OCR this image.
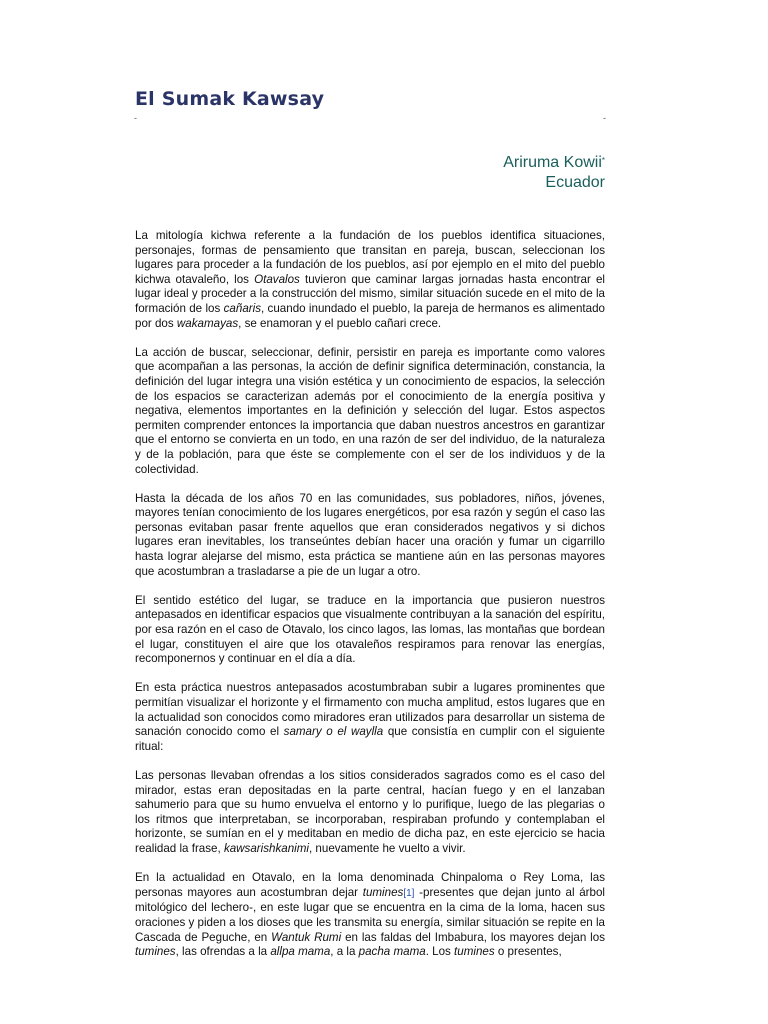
El Sumak Kawsay
-	-
Ariruma Kowii*
Ecuador

La mitología kichwa referente a la fundación de los pueblos identifica situaciones, personajes, formas de pensamiento que transitan en pareja, buscan, seleccionan los lugares para proceder a la fundación de los pueblos, así por ejemplo en el mito del pueblo kichwa otavaleño, los Otavalos tuvieron que caminar largas jornadas hasta encontrar el lugar ideal y proceder a la construcción del mismo, similar situación sucede en el mito de la formación de los cañaris, cuando inundado el pueblo, la pareja de hermanos es alimentado por dos wakamayas, se enamoran y el pueblo cañari crece.

La acción de buscar, seleccionar, definir, persistir en pareja es importante como valores que acompañan a las personas, la acción de definir significa determinación, constancia, la definición del lugar integra una visión estética y un conocimiento de espacios, la selección de los espacios se caracterizan además por el conocimiento de la energía positiva y negativa, elementos importantes en la definición y selección del lugar. Estos aspectos permiten comprender entonces la importancia que daban nuestros ancestros en garantizar que el entorno se convierta en un todo, en una razón de ser del individuo, de la naturaleza y de la población, para que éste se complemente con el ser de los individuos y de la colectividad.

Hasta la década de los años 70 en las comunidades, sus pobladores, niños, jóvenes, mayores tenían conocimiento de los lugares energéticos, por esa razón y según el caso las personas evitaban pasar frente aquellos que eran considerados negativos y si dichos lugares eran inevitables, los transeúntes debían hacer una oración y fumar un cigarrillo hasta lograr alejarse del mismo, esta práctica se mantiene aún en las personas mayores que acostumbran a trasladarse a pie de un lugar a otro.

El sentido estético del lugar, se traduce en la importancia que pusieron nuestros antepasados en identificar espacios que visualmente contribuyan a la sanación del espíritu, por esa razón en el caso de Otavalo, los cinco lagos, las lomas, las montañas que bordean el lugar, constituyen el aire que los otavaleños respiramos para renovar las energías, recomponernos y continuar en el día a día.

En esta práctica nuestros antepasados acostumbraban subir a lugares prominentes que permitían visualizar el horizonte y el firmamento con mucha amplitud, estos lugares que en la actualidad son conocidos como miradores eran utilizados para desarrollar un sistema de sanación conocido como el samary o el waylla que consistía en cumplir con el siguiente ritual:

Las personas llevaban ofrendas a los sitios considerados sagrados como es el caso del mirador, estas eran depositadas en la parte central, hacían fuego y en el lanzaban sahumerio para que su humo envuelva el entorno y lo purifique, luego de las plegarias o los ritmos que interpretaban, se incorporaban, respiraban profundo y contemplaban el horizonte, se sumían en el y meditaban en medio de dicha paz, en este ejercicio se hacia realidad la frase, kawsarishkanimi, nuevamente he vuelto a vivir.

En la actualidad en Otavalo, en la loma denominada Chinpaloma o Rey Loma, las personas mayores aun acostumbran dejar tumines[1] -presentes que dejan junto al árbol mitológico del lechero-, en este lugar que se encuentra en la cima de la loma, hacen sus oraciones y piden a los dioses que les transmita su energía, similar situación se repite en la Cascada de Peguche, en Wantuk Rumi en las faldas del Imbabura, los mayores dejan los tumines, las ofrendas a la allpa mama, a la pacha mama. Los tumines o presentes,
